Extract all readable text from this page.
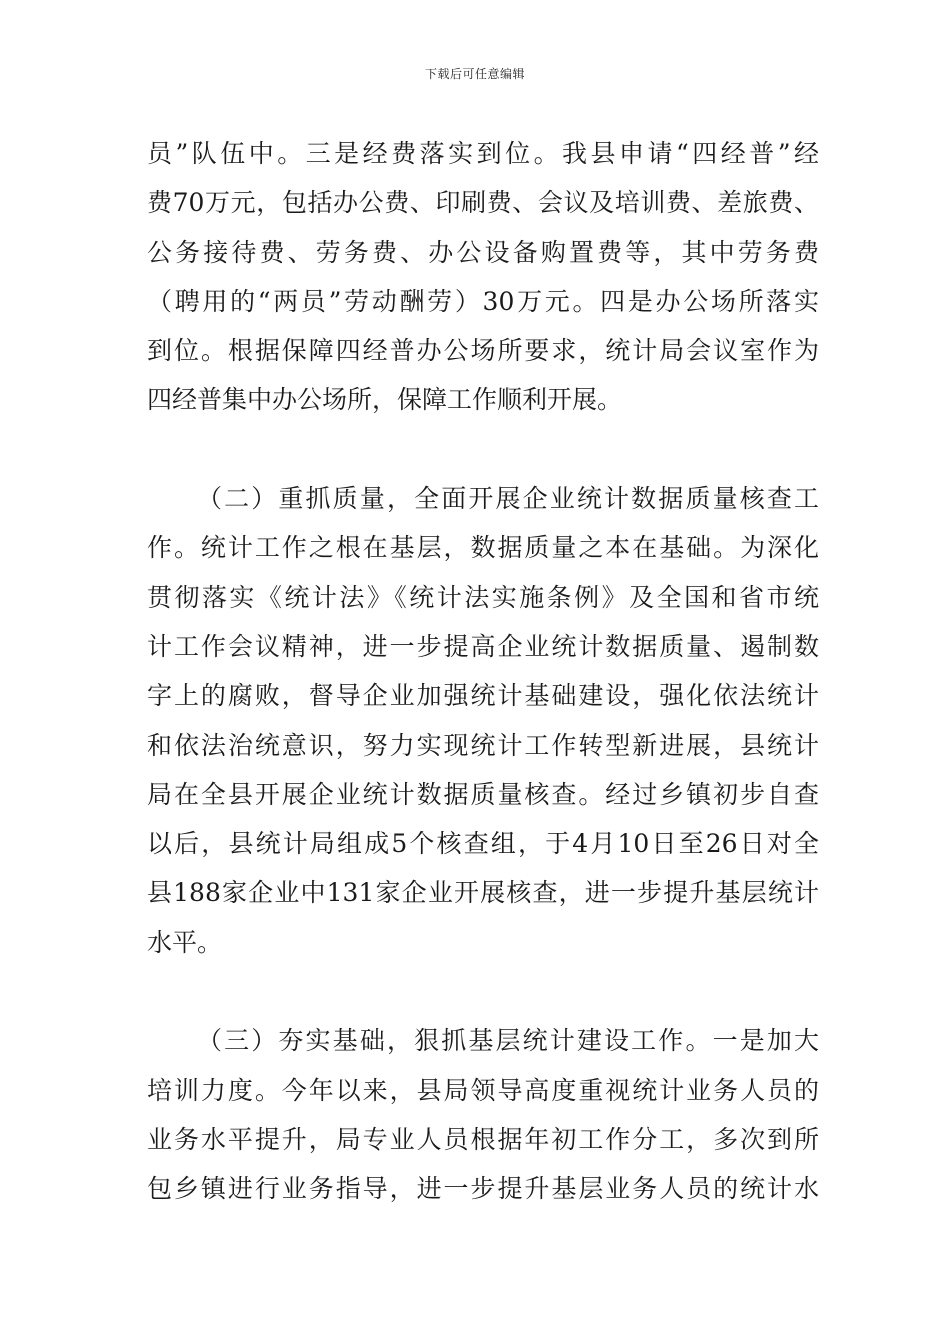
下载后可任意编辑
员”队伍中。三是经费落实到位。我县申请“四经普”经
费70万元，包括办公费、印刷费、会议及培训费、差旅费、
公务接待费、劳务费、办公设备购置费等，其中劳务费
（聘用的“两员”劳动酬劳）30万元。四是办公场所落实
到位。根据保障四经普办公场所要求，统计局会议室作为
四经普集中办公场所，保障工作顺利开展。
（二）重抓质量，全面开展企业统计数据质量核查工
作。统计工作之根在基层，数据质量之本在基础。为深化
贯彻落实《统计法》《统计法实施条例》及全国和省市统
计工作会议精神，进一步提高企业统计数据质量、遏制数
字上的腐败，督导企业加强统计基础建设，强化依法统计
和依法治统意识，努力实现统计工作转型新进展，县统计
局在全县开展企业统计数据质量核查。经过乡镇初步自查
以后，县统计局组成5个核查组，于4月10日至26日对全
县188家企业中131家企业开展核查，进一步提升基层统计
水平。
（三）夯实基础，狠抓基层统计建设工作。一是加大
培训力度。今年以来，县局领导高度重视统计业务人员的
业务水平提升，局专业人员根据年初工作分工，多次到所
包乡镇进行业务指导，进一步提升基层业务人员的统计水
